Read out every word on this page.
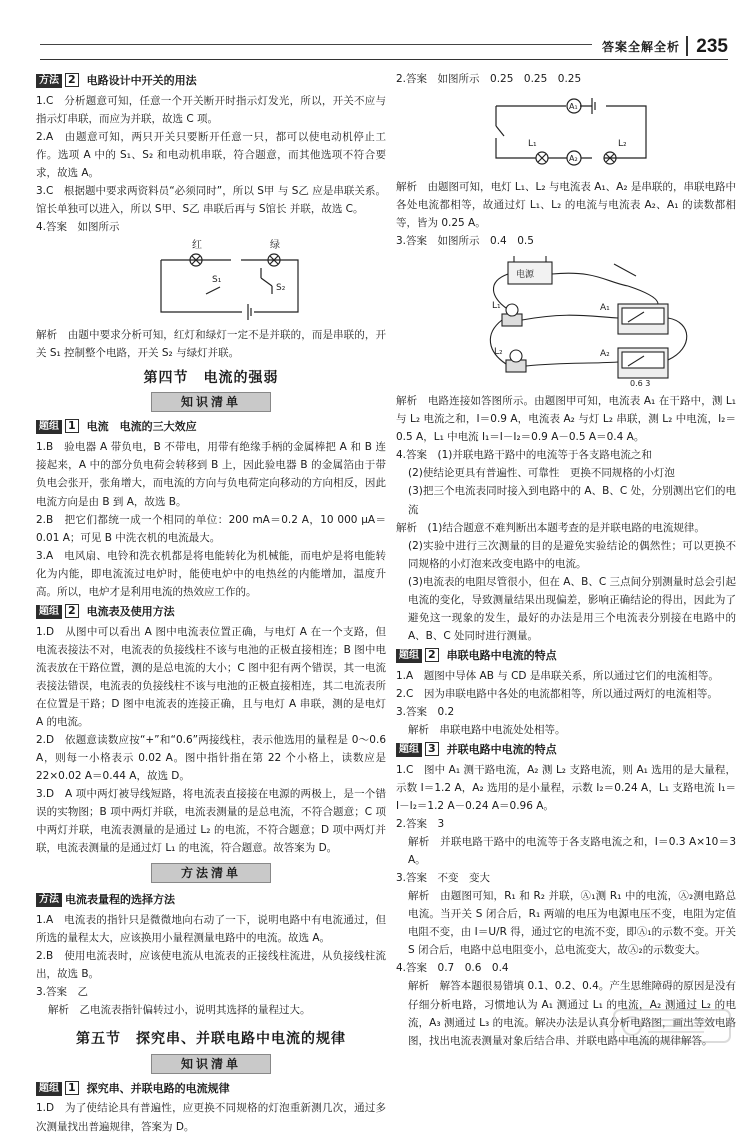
答案全解全析 235
方法 2 电路设计中开关的用法

1.C　分析题意可知，任意一个开关断开时指示灯发光，所以，开关不应与指示灯串联，而应为并联，故选 C 项。

2.A　由题意可知，两只开关只要断开任意一只，都可以使电动机停止工作。选项 A 中的 S₁、S₂ 和电动机串联，符合题意，而其他选项不符合要求，故选 A。

3.C　根据题中要求两资料员“必须同时”，所以 S甲 与 S乙 应是串联关系。馆长单独可以进入，所以 S甲、S乙 串联后再与 S馆长 并联，故选 C。

4.答案　如图所示

红	绿
S₁
S₂

解析　由题中要求分析可知，红灯和绿灯一定不是并联的，而是串联的，开关 S₁ 控制整个电路，开关 S₂ 与绿灯并联。

第四节　电流的强弱
知识清单
题组 1 电流　电流的三大效应

1.B　验电器 A 带负电，B 不带电，用带有绝缘手柄的金属棒把 A 和 B 连接起来，A 中的部分负电荷会转移到 B 上，因此验电器 B 的金属箔由于带负电会张开，张角增大，而电流的方向与负电荷定向移动的方向相反，因此电流方向是由 B 到 A，故选 B。

2.B　把它们都统一成一个相同的单位：200 mA＝0.2 A，10 000 μA＝0.01 A；可见 B 中洗衣机的电流最大。

3.A　电风扇、电铃和洗衣机都是将电能转化为机械能，而电炉是将电能转化为内能，即电流流过电炉时，能使电炉中的电热丝的内能增加，温度升高。所以，电炉才是利用电流的热效应工作的。

题组 2 电流表及使用方法

1.D　从图中可以看出 A 图中电流表位置正确，与电灯 A 在一个支路，但电流表接法不对，电流表的负接线柱不该与电池的正极直接相连；B 图中电流表放在干路位置，测的是总电流的大小；C 图中犯有两个错误，其一电流表接法错误，电流表的负接线柱不该与电池的正极直接相连，其二电流表所在位置是干路；D 图中电流表的连接正确，且与电灯 A 串联，测的是电灯 A 的电流。

2.D　依题意读数应按“+”和“0.6”两接线柱，表示他选用的量程是 0～0.6 A，则每一小格表示 0.02 A。图中指针指在第 22 个小格上，读数应是 22×0.02 A＝0.44 A，故选 D。

3.D　A 项中两灯被导线短路，将电流表直接接在电源的两极上，是一个错误的实物图；B 项中两灯并联，电流表测量的是总电流，不符合题意；C 项中两灯并联，电流表测量的是通过 L₂ 的电流，不符合题意；D 项中两灯并联，电流表测量的是通过灯 L₁ 的电流，符合题意。故答案为 D。

方法清单
方法 电流表量程的选择方法

1.A　电流表的指针只是微微地向右动了一下，说明电路中有电流通过，但所选的量程太大，应该换用小量程测量电路中的电流。故选 A。

2.B　使用电流表时，应该使电流从电流表的正接线柱流进，从负接线柱流出，故选 B。

3.答案　乙

解析　乙电流表指针偏转过小，说明其选择的量程过大。

第五节　探究串、并联电路中电流的规律
知识清单
题组 1 探究串、并联电路的电流规律

1.D　为了使结论具有普遍性，应更换不同规格的灯泡重新测几次，通过多次测量找出普遍规律，答案为 D。

2.答案　如图所示　0.25　0.25　0.25

A₁
A₂
L₁	L₂

解析　由题图可知，电灯 L₁、L₂ 与电流表 A₁、A₂ 是串联的，串联电路中各处电流都相等，故通过灯 L₁、L₂ 的电流与电流表 A₂、A₁ 的读数都相等，皆为 0.25 A。

3.答案　如图所示　0.4　0.5

电源
A₁
A₂
L₁
L₂
0.6 3

解析　电路连接如答图所示。由题图甲可知，电流表 A₁ 在干路中，测 L₁ 与 L₂ 电流之和，I＝0.9 A，电流表 A₂ 与灯 L₂ 串联，测 L₂ 中电流，I₂＝0.5 A，L₁ 中电流 I₁＝I－I₂＝0.9 A－0.5 A＝0.4 A。

4.答案　(1)并联电路干路中的电流等于各支路电流之和

(2)使结论更具有普遍性、可靠性　更换不同规格的小灯泡

(3)把三个电流表同时接入到电路中的 A、B、C 处，分别测出它们的电流

解析　(1)结合题意不难判断出本题考查的是并联电路的电流规律。

(2)实验中进行三次测量的目的是避免实验结论的偶然性；可以更换不同规格的小灯泡来改变电路中的电流。

(3)电流表的电阻尽管很小，但在 A、B、C 三点间分别测量时总会引起电流的变化，导致测量结果出现偏差，影响正确结论的得出，因此为了避免这一现象的发生，最好的办法是用三个电流表分别接在电路中的 A、B、C 处同时进行测量。

题组 2 串联电路中电流的特点

1.A　题图中导体 AB 与 CD 是串联关系，所以通过它们的电流相等。

2.C　因为串联电路中各处的电流都相等，所以通过两灯的电流相等。

3.答案　0.2

解析　串联电路中电流处处相等。

题组 3 并联电路中电流的特点

1.C　图中 A₁ 测干路电流，A₂ 测 L₂ 支路电流，则 A₁ 选用的是大量程，示数 I＝1.2 A，A₂ 选用的是小量程，示数 I₂＝0.24 A，L₁ 支路电流 I₁＝I－I₂＝1.2 A－0.24 A＝0.96 A。

2.答案　3

解析　并联电路干路中的电流等于各支路电流之和，I＝0.3 A×10＝3 A。

3.答案　不变　变大

解析　由题图可知，R₁ 和 R₂ 并联，Ⓐ₁测 R₁ 中的电流，Ⓐ₂测电路总电流。当开关 S 闭合后，R₁ 两端的电压为电源电压不变，电阻为定值电阻不变，由 I＝U/R 得，通过它的电流不变，即Ⓐ₁的示数不变。开关 S 闭合后，电路中总电阻变小，总电流变大，故Ⓐ₂的示数变大。

4.答案　0.7　0.6　0.4

解析　解答本题很易错填 0.1、0.2、0.4。产生思维障碍的原因是没有仔细分析电路，习惯地认为 A₁ 测通过 L₁ 的电流，A₂ 测通过 L₂ 的电流，A₃ 测通过 L₃ 的电流。解决办法是认真分析电路图，画出等效电路图，找出电流表测量对象后结合串、并联电路中电流的规律解答。
